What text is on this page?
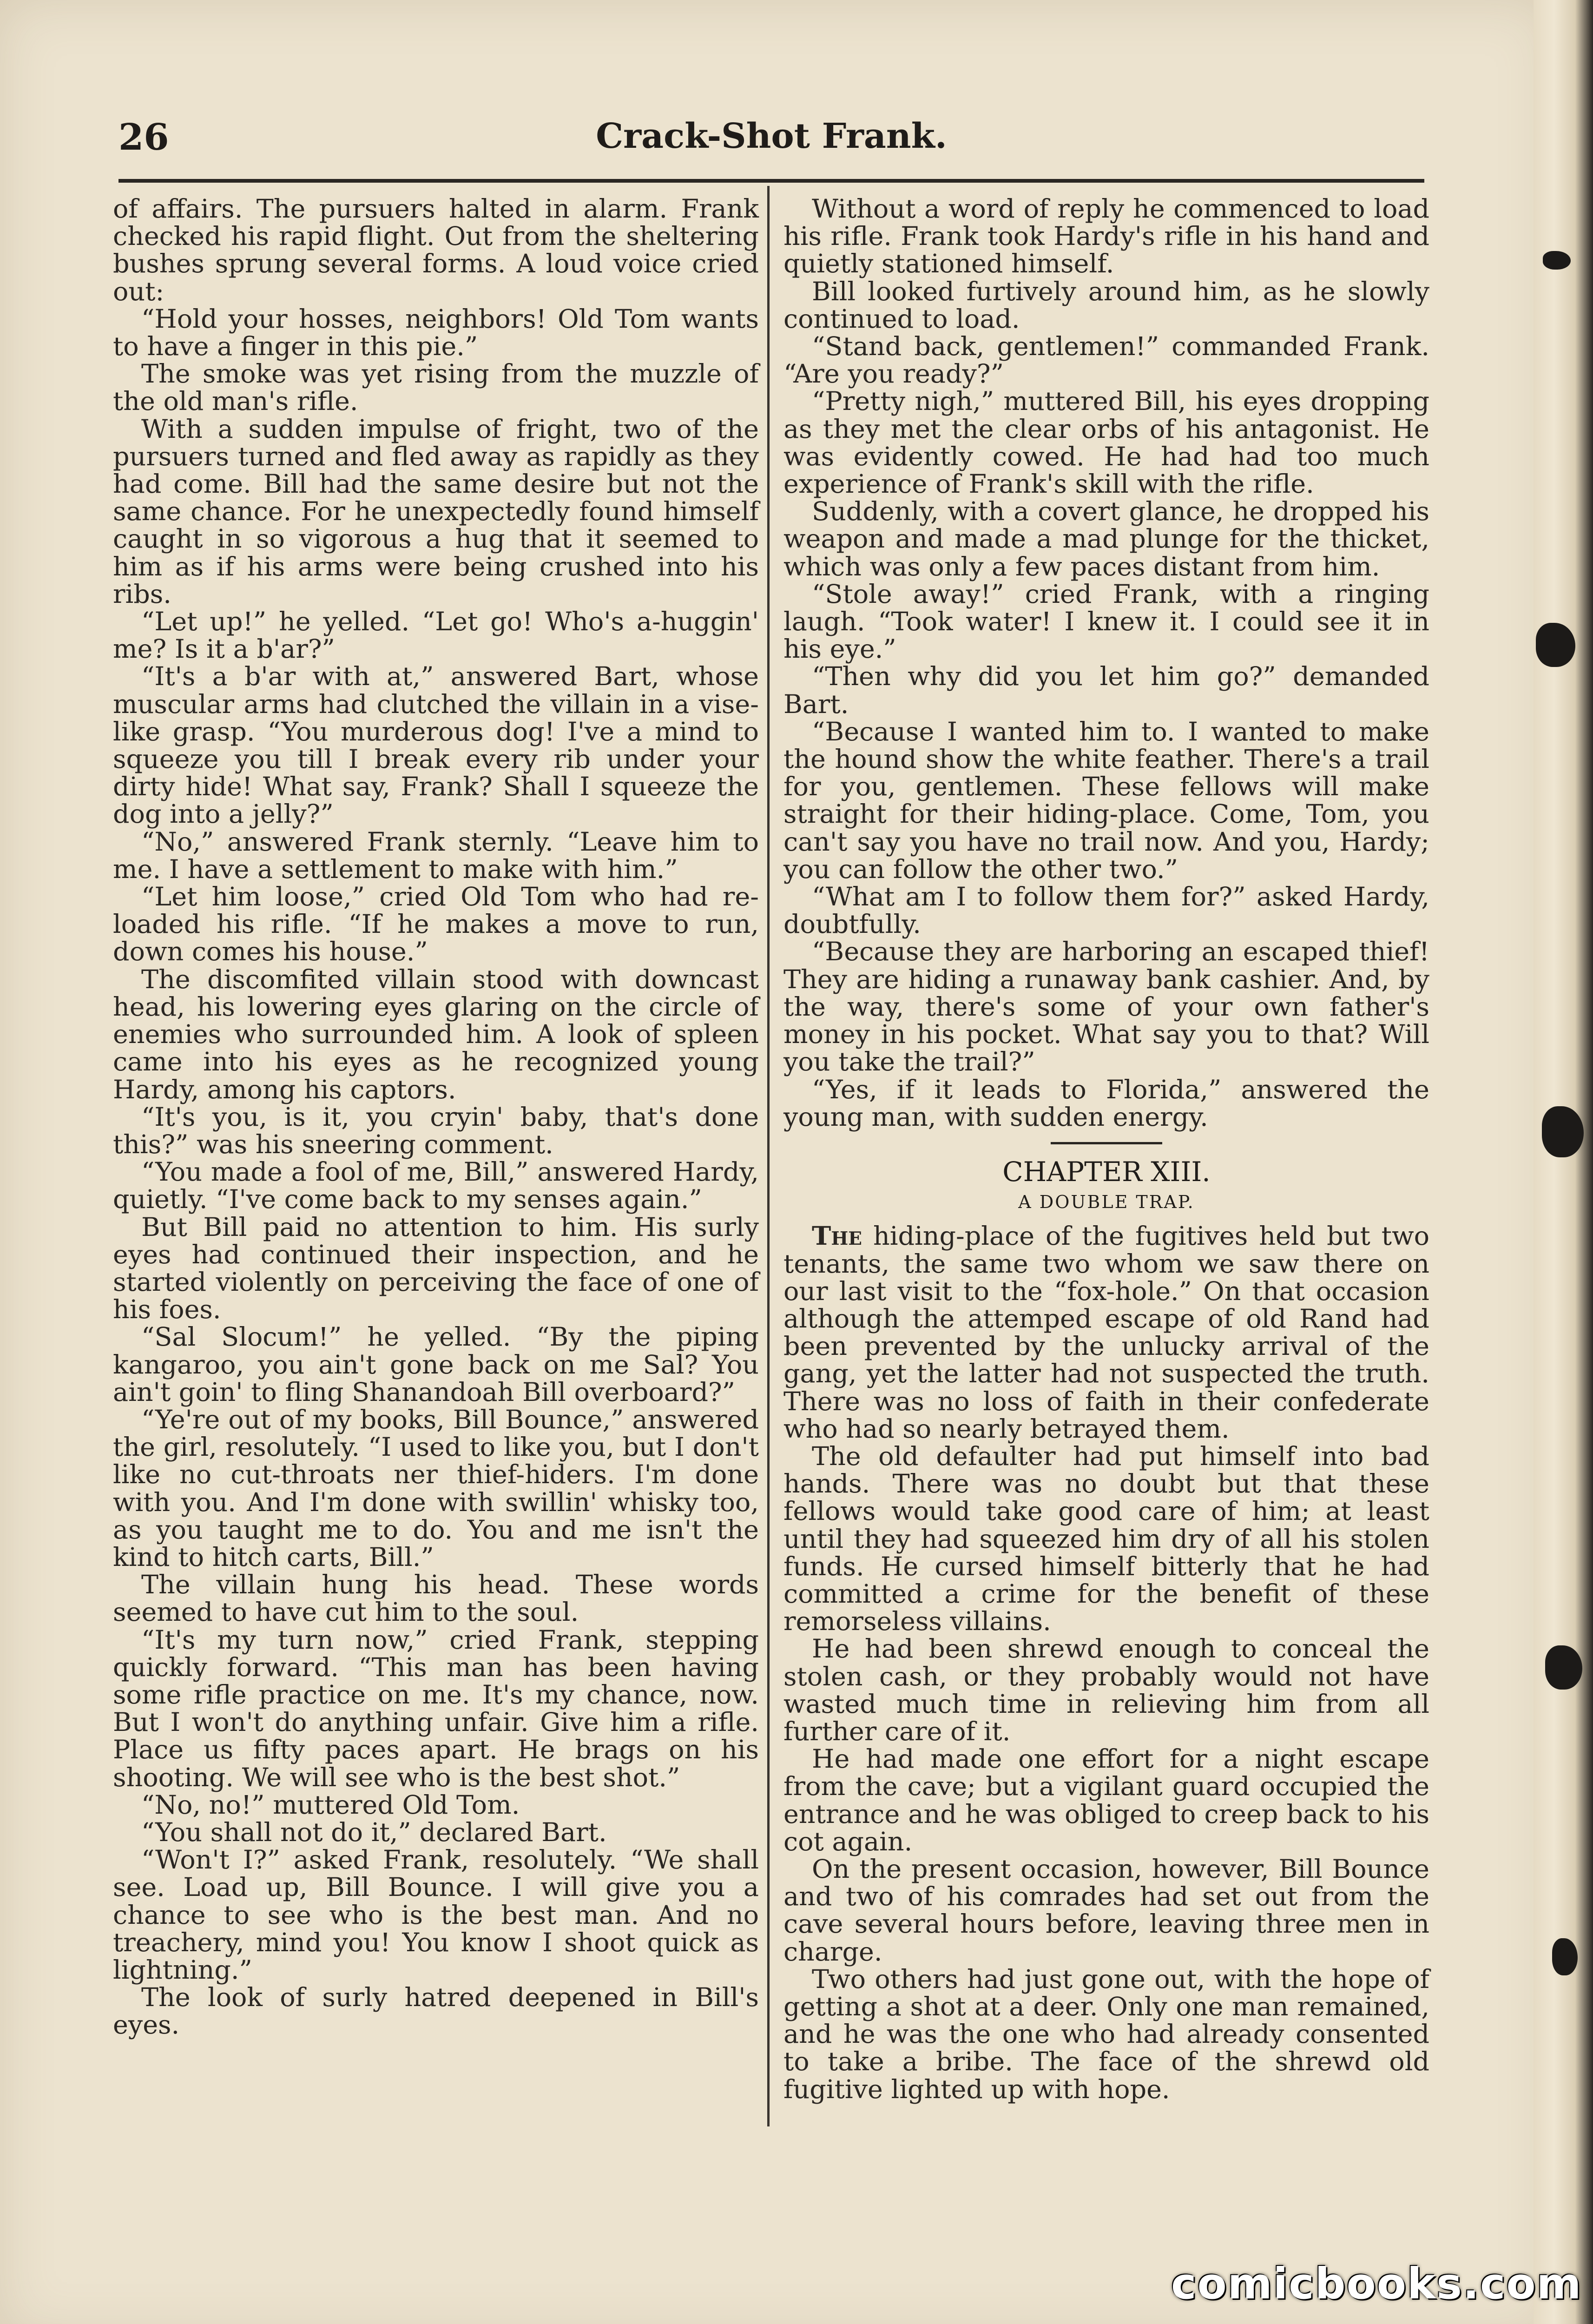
26	Crack-Shot Frank.

of affairs. The pursuers halted in alarm. Frank checked his rapid flight. Out from the sheltering bushes sprung several forms. A loud voice cried out:

“Hold your hosses, neighbors! Old Tom wants to have a finger in this pie.”

The smoke was yet rising from the muzzle of the old man's rifle.

With a sudden impulse of fright, two of the pursuers turned and fled away as rapidly as they had come. Bill had the same desire but not the same chance. For he unexpectedly found himself caught in so vigorous a hug that it seemed to him as if his arms were being crushed into his ribs.

“Let up!” he yelled. “Let go! Who's a-huggin' me? Is it a b'ar?”

“It's a b'ar with at,” answered Bart, whose muscular arms had clutched the villain in a vise-like grasp. “You murderous dog! I've a mind to squeeze you till I break every rib under your dirty hide! What say, Frank? Shall I squeeze the dog into a jelly?”

“No,” answered Frank sternly. “Leave him to me. I have a settlement to make with him.”

“Let him loose,” cried Old Tom who had re-loaded his rifle. “If he makes a move to run, down comes his house.”

The discomfited villain stood with downcast head, his lowering eyes glaring on the circle of enemies who surrounded him. A look of spleen came into his eyes as he recognized young Hardy, among his captors.

“It's you, is it, you cryin' baby, that's done this?” was his sneering comment.

“You made a fool of me, Bill,” answered Hardy, quietly. “I've come back to my senses again.”

But Bill paid no attention to him. His surly eyes had continued their inspection, and he started violently on perceiving the face of one of his foes.

“Sal Slocum!” he yelled. “By the piping kangaroo, you ain't gone back on me Sal? You ain't goin' to fling Shanandoah Bill overboard?”

“Ye're out of my books, Bill Bounce,” answered the girl, resolutely. “I used to like you, but I don't like no cut-throats ner thief-hiders. I'm done with you. And I'm done with swillin' whisky too, as you taught me to do. You and me isn't the kind to hitch carts, Bill.”

The villain hung his head. These words seemed to have cut him to the soul.

“It's my turn now,” cried Frank, stepping quickly forward. “This man has been having some rifle practice on me. It's my chance, now. But I won't do anything unfair. Give him a rifle. Place us fifty paces apart. He brags on his shooting. We will see who is the best shot.”

“No, no!” muttered Old Tom.

“You shall not do it,” declared Bart.

“Won't I?” asked Frank, resolutely. “We shall see. Load up, Bill Bounce. I will give you a chance to see who is the best man. And no treachery, mind you! You know I shoot quick as lightning.”

The look of surly hatred deepened in Bill's eyes.

Without a word of reply he commenced to load his rifle. Frank took Hardy's rifle in his hand and quietly stationed himself.

Bill looked furtively around him, as he slowly continued to load.

“Stand back, gentlemen!” commanded Frank. “Are you ready?”

“Pretty nigh,” muttered Bill, his eyes dropping as they met the clear orbs of his antagonist. He was evidently cowed. He had had too much experience of Frank's skill with the rifle.

Suddenly, with a covert glance, he dropped his weapon and made a mad plunge for the thicket, which was only a few paces distant from him.

“Stole away!” cried Frank, with a ringing laugh. “Took water! I knew it. I could see it in his eye.”

“Then why did you let him go?” demanded Bart.

“Because I wanted him to. I wanted to make the hound show the white feather. There's a trail for you, gentlemen. These fellows will make straight for their hiding-place. Come, Tom, you can't say you have no trail now. And you, Hardy; you can follow the other two.”

“What am I to follow them for?” asked Hardy, doubtfully.

“Because they are harboring an escaped thief! They are hiding a runaway bank cashier. And, by the way, there's some of your own father's money in his pocket. What say you to that? Will you take the trail?”

“Yes, if it leads to Florida,” answered the young man, with sudden energy.

CHAPTER XIII.
A DOUBLE TRAP.

The hiding-place of the fugitives held but two tenants, the same two whom we saw there on our last visit to the “fox-hole.” On that occasion although the attemped escape of old Rand had been prevented by the unlucky arrival of the gang, yet the latter had not suspected the truth. There was no loss of faith in their confederate who had so nearly betrayed them.

The old defaulter had put himself into bad hands. There was no doubt but that these fellows would take good care of him; at least until they had squeezed him dry of all his stolen funds. He cursed himself bitterly that he had committed a crime for the benefit of these remorseless villains.

He had been shrewd enough to conceal the stolen cash, or they probably would not have wasted much time in relieving him from all further care of it.

He had made one effort for a night escape from the cave; but a vigilant guard occupied the entrance and he was obliged to creep back to his cot again.

On the present occasion, however, Bill Bounce and two of his comrades had set out from the cave several hours before, leaving three men in charge.

Two others had just gone out, with the hope of getting a shot at a deer. Only one man remained, and he was the one who had already consented to take a bribe. The face of the shrewd old fugitive lighted up with hope.

comicbooks.com
